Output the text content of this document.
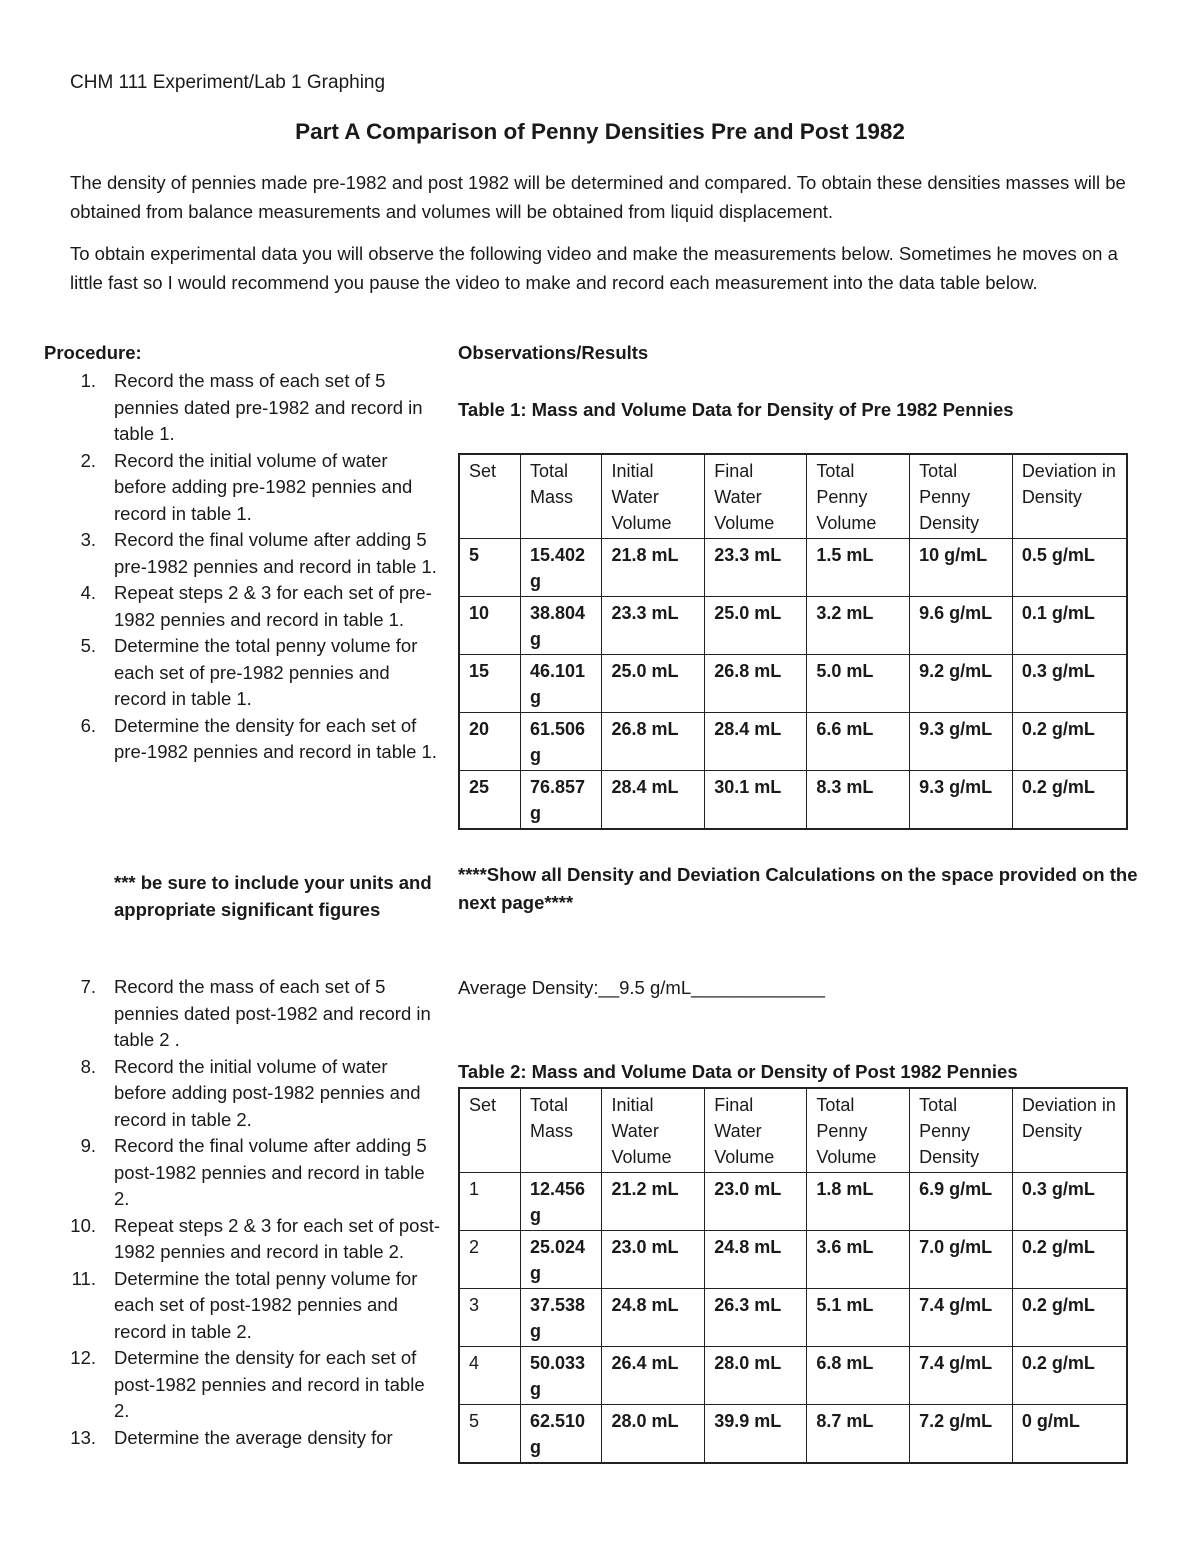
CHM 111 Experiment/Lab 1 Graphing
Part A Comparison of Penny Densities Pre and Post 1982
The density of pennies made pre-1982 and post 1982 will be determined and compared. To obtain these densities masses will be obtained from balance measurements and volumes will be obtained from liquid displacement.
To obtain experimental data you will observe the following video and make the measurements below. Sometimes he moves on a little fast so I would recommend you pause the video to make and record each measurement into the data table below.
Procedure:
1. Record the mass of each set of 5 pennies dated pre-1982 and record in table 1.
2. Record the initial volume of water before adding pre-1982 pennies and record in table 1.
3. Record the final volume after adding 5 pre-1982 pennies and record in table 1.
4. Repeat steps 2 & 3 for each set of pre-1982 pennies and record in table 1.
5. Determine the total penny volume for each set of pre-1982 pennies and record in table 1.
6. Determine the density for each set of pre-1982 pennies and record in table 1.
*** be sure to include your units and appropriate significant figures
7. Record the mass of each set of 5 pennies dated post-1982 and record in table 2 .
8. Record the initial volume of water before adding post-1982 pennies and record in table 2.
9. Record the final volume after adding 5 post-1982 pennies and record in table 2.
10. Repeat steps 2 & 3 for each set of post-1982 pennies and record in table 2.
11. Determine the total penny volume for each set of post-1982 pennies and record in table 2.
12. Determine the density for each set of post-1982 pennies and record in table 2.
13. Determine the average density for
Observations/Results
Table 1: Mass and Volume Data for Density of Pre 1982 Pennies
Set	Total Mass	Initial Water Volume	Final Water Volume	Total Penny Volume	Total Penny Density	Deviation in Density
5	15.402 g	21.8 mL	23.3 mL	1.5 mL	10 g/mL	0.5 g/mL
10	38.804 g	23.3 mL	25.0 mL	3.2 mL	9.6 g/mL	0.1 g/mL
15	46.101 g	25.0 mL	26.8 mL	5.0 mL	9.2 g/mL	0.3 g/mL
20	61.506 g	26.8 mL	28.4 mL	6.6 mL	9.3 g/mL	0.2 g/mL
25	76.857 g	28.4 mL	30.1 mL	8.3 mL	9.3 g/mL	0.2 g/mL
****Show all Density and Deviation Calculations on the space provided on the next page****
Average Density:__9.5 g/mL_____________
Table 2: Mass and Volume Data or Density of Post 1982 Pennies
Set	Total Mass	Initial Water Volume	Final Water Volume	Total Penny Volume	Total Penny Density	Deviation in Density
1	12.456 g	21.2 mL	23.0 mL	1.8 mL	6.9 g/mL	0.3 g/mL
2	25.024 g	23.0 mL	24.8 mL	3.6 mL	7.0 g/mL	0.2 g/mL
3	37.538 g	24.8 mL	26.3 mL	5.1 mL	7.4 g/mL	0.2 g/mL
4	50.033 g	26.4 mL	28.0 mL	6.8 mL	7.4 g/mL	0.2 g/mL
5	62.510 g	28.0 mL	39.9 mL	8.7 mL	7.2 g/mL	0 g/mL
